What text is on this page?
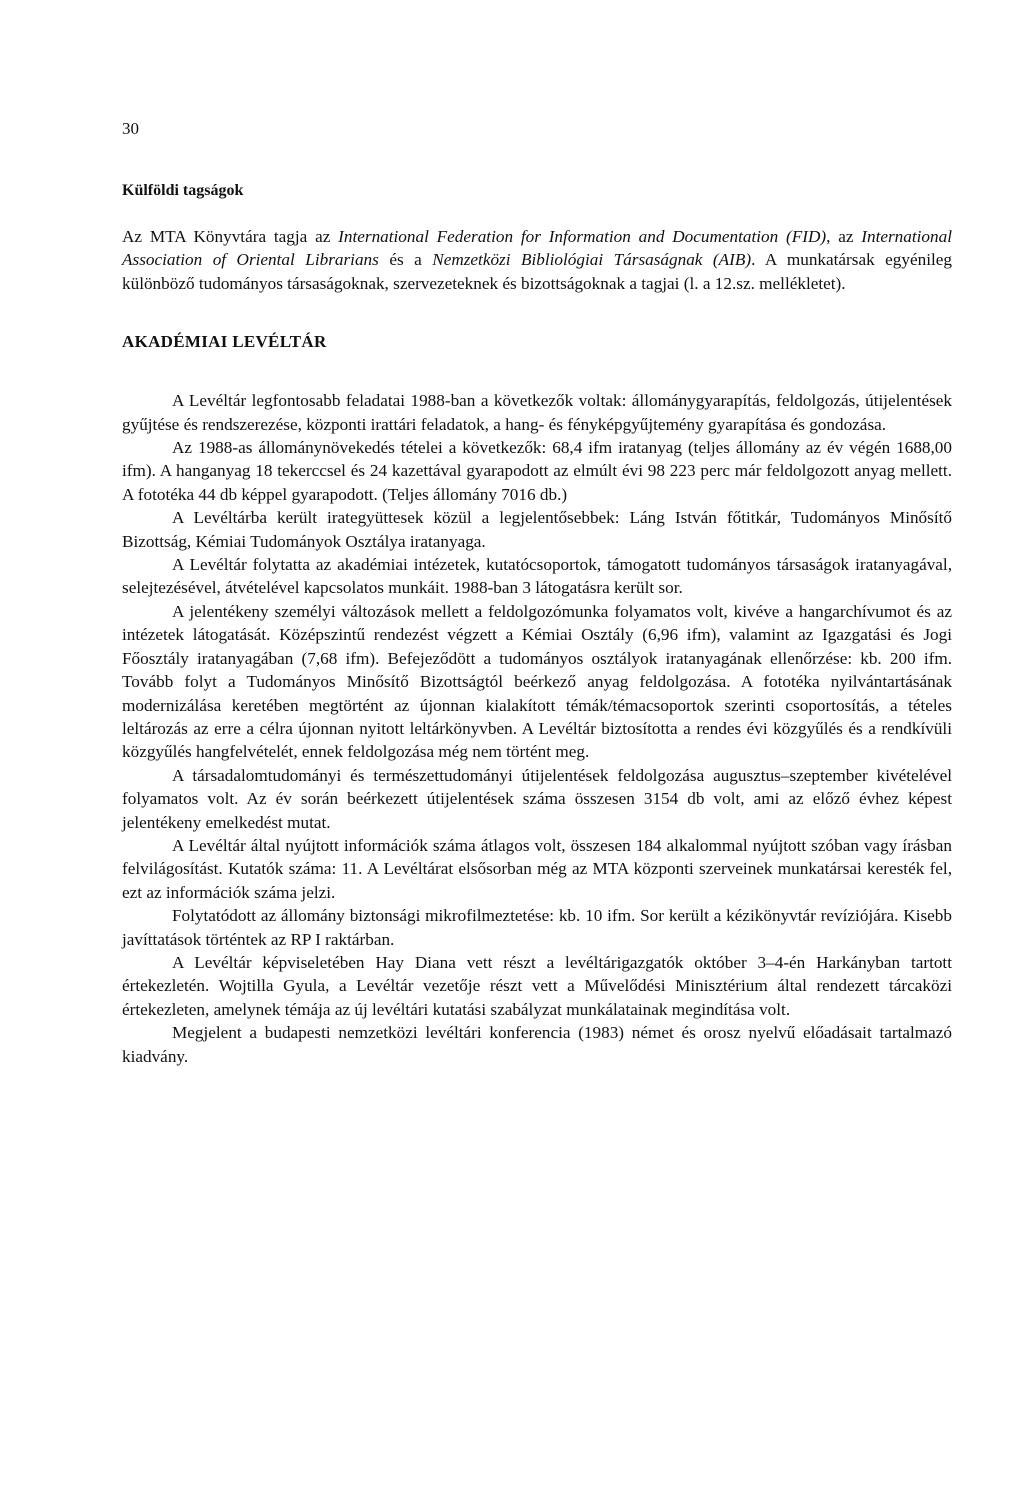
30
Külföldi tagságok

Az MTA Könyvtára tagja az International Federation for Information and Documentation (FID), az International Association of Oriental Librarians és a Nemzetközi Bibliológiai Társaságnak (AIB). A munkatársak egyénileg különböző tudományos társaságoknak, szervezeteknek és bizottságoknak a tagjai (l. a 12.sz. mellékletet).

AKADÉMIAI LEVÉLTÁR

A Levéltár legfontosabb feladatai 1988-ban a következők voltak: állománygyarapítás, feldolgozás, útijelentések gyűjtése és rendszerezése, központi irattári feladatok, a hang- és fényképgyűjtemény gyarapítása és gondozása.

Az 1988-as állománynövekedés tételei a következők: 68,4 ifm iratanyag (teljes állomány az év végén 1688,00 ifm). A hanganyag 18 tekerccsel és 24 kazettával gyarapodott az elmúlt évi 98 223 perc már feldolgozott anyag mellett. A fototéka 44 db képpel gyarapodott. (Teljes állomány 7016 db.)

A Levéltárba került irategyüttesek közül a legjelentősebbek: Láng István főtitkár, Tudományos Minősítő Bizottság, Kémiai Tudományok Osztálya iratanyaga.

A Levéltár folytatta az akadémiai intézetek, kutatócsoportok, támogatott tudományos társaságok iratanyagával, selejtezésével, átvételével kapcsolatos munkáit. 1988-ban 3 látogatásra került sor.

A jelentékeny személyi változások mellett a feldolgozómunka folyamatos volt, kivéve a hangarchívumot és az intézetek látogatását. Középszintű rendezést végzett a Kémiai Osztály (6,96 ifm), valamint az Igazgatási és Jogi Főosztály iratanyagában (7,68 ifm). Befejeződött a tudományos osztályok iratanyagának ellenőrzése: kb. 200 ifm. Tovább folyt a Tudományos Minősítő Bizottságtól beérkező anyag feldolgozása. A fototéka nyilvántartásának modernizálása keretében megtörtént az újonnan kialakított témák/témacsoportok szerinti csoportosítás, a tételes leltározás az erre a célra újonnan nyitott leltárkönyvben. A Levéltár biztosította a rendes évi közgyűlés és a rendkívüli közgyűlés hangfelvételét, ennek feldolgozása még nem történt meg.

A társadalomtudományi és természettudományi útijelentések feldolgozása augusztus–szeptember kivételével folyamatos volt. Az év során beérkezett útijelentések száma összesen 3154 db volt, ami az előző évhez képest jelentékeny emelkedést mutat.

A Levéltár által nyújtott információk száma átlagos volt, összesen 184 alkalommal nyújtott szóban vagy írásban felvilágosítást. Kutatók száma: 11. A Levéltárat elsősorban még az MTA központi szerveinek munkatársai keresték fel, ezt az információk száma jelzi.

Folytatódott az állomány biztonsági mikrofilmeztetése: kb. 10 ifm. Sor került a kézikönyvtár revíziójára. Kisebb javíttatások történtek az RP I raktárban.

A Levéltár képviseletében Hay Diana vett részt a levéltárigazgatók október 3–4-én Harkányban tartott értekezletén. Wojtilla Gyula, a Levéltár vezetője részt vett a Művelődési Minisztérium által rendezett tárcaközi értekezleten, amelynek témája az új levéltári kutatási szabályzat munkálatainak megindítása volt.

Megjelent a budapesti nemzetközi levéltári konferencia (1983) német és orosz nyelvű előadásait tartalmazó kiadvány.
